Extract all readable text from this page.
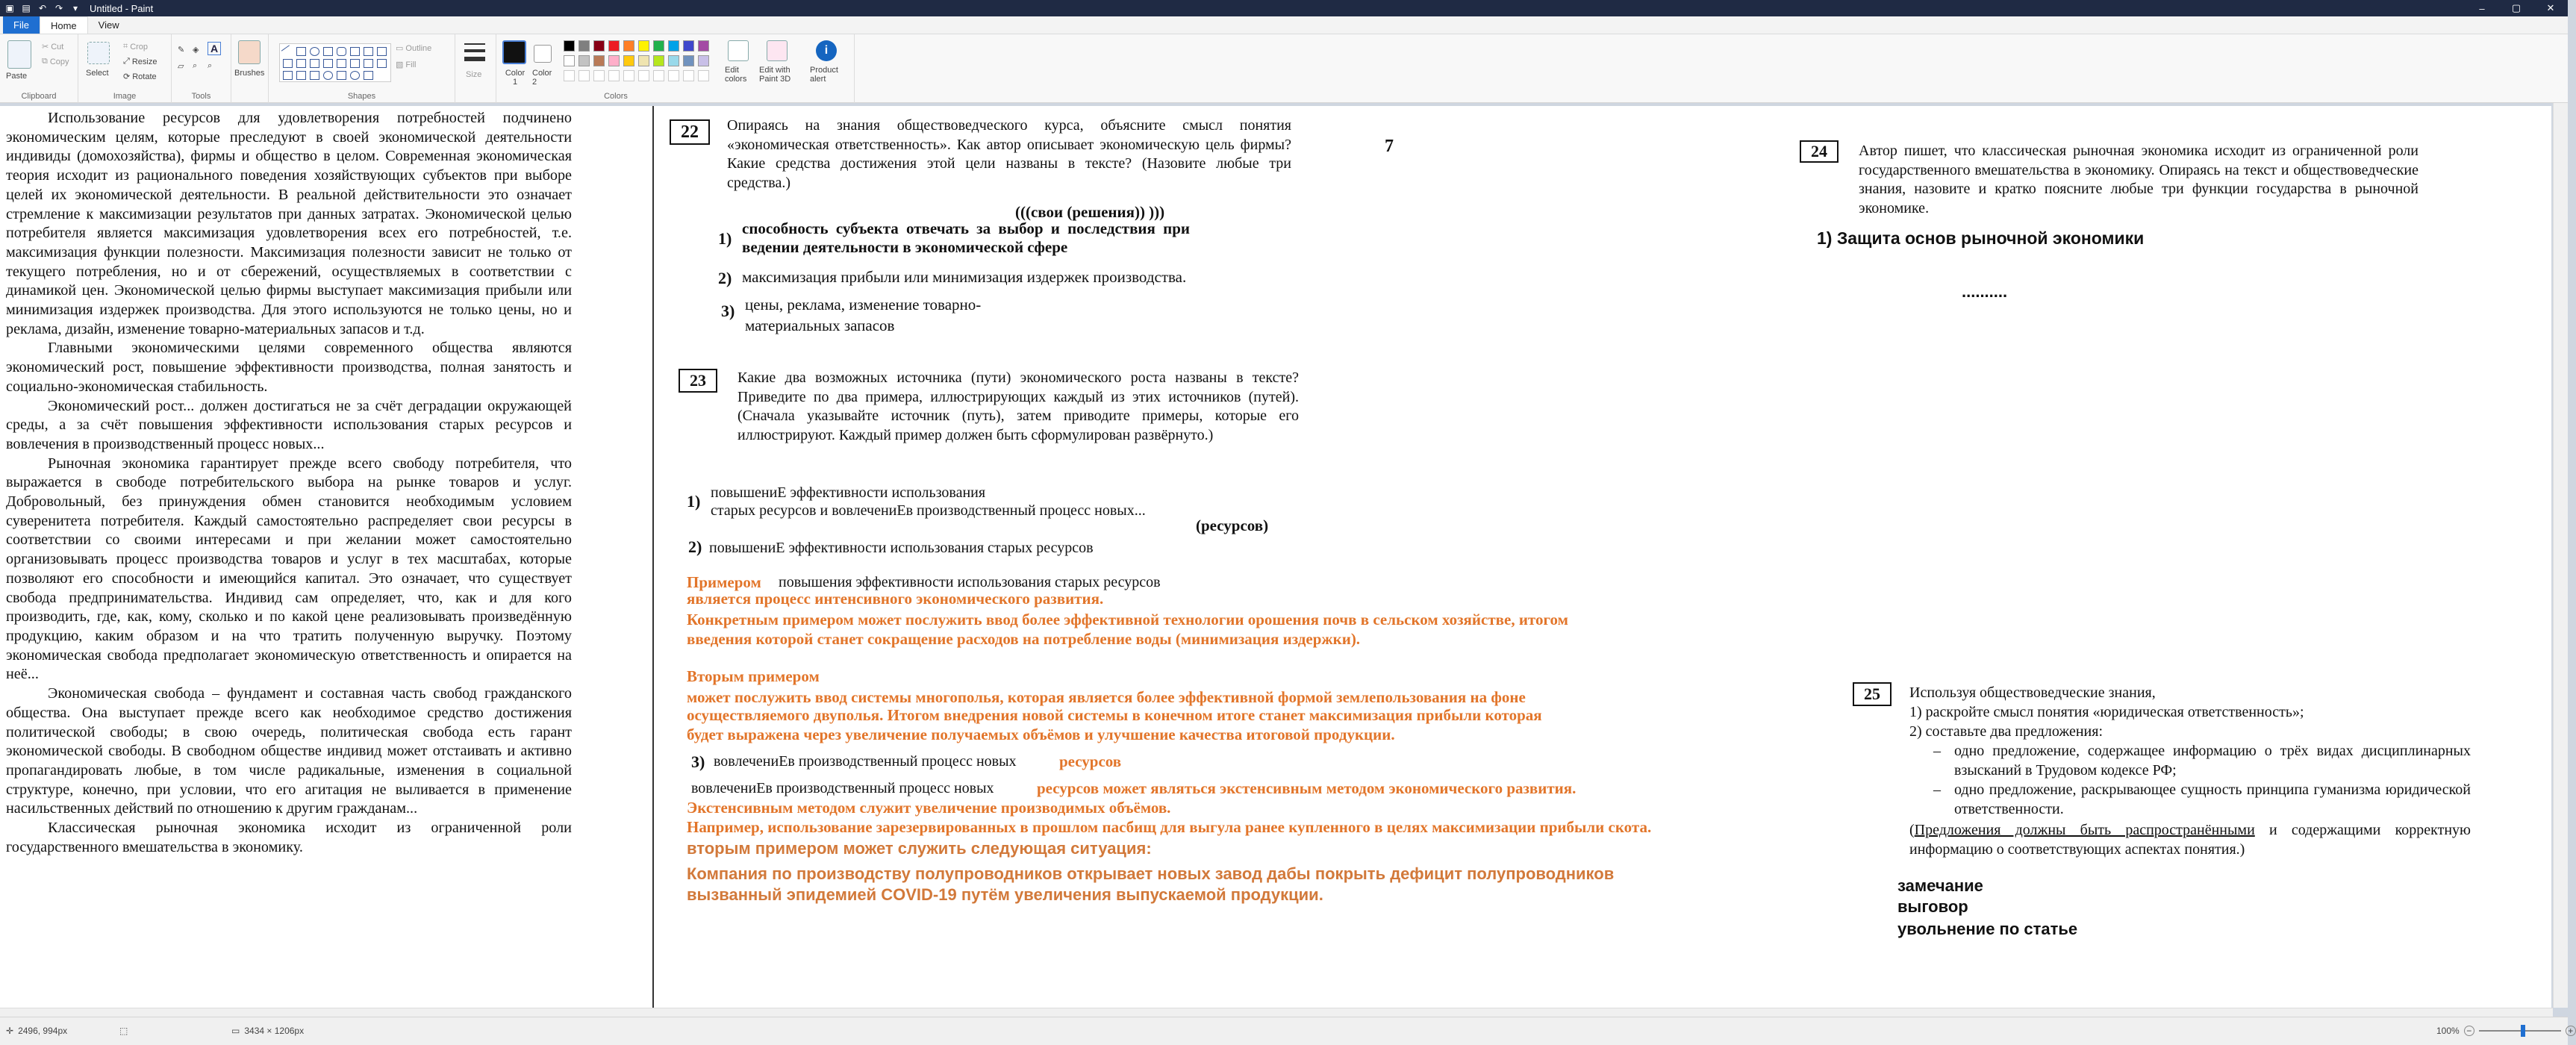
▣ ▤ ↶ ↷	▾	Untitled - Paint	–	▢	✕
File	Home	View
Paste
✂ Cut
⧉ Copy
Clipboard
Select
⌗ Crop
⤢ Resize
⟳ Rotate
Image
✎ ◈ A
▱ ⌕ ⌕
Tools
Brushes
▭ Outline
▧ Fill
Shapes
Size	Color 1
Color 2
Edit colors
Edit with Paint 3D
i
Product alert
Colors

Использование ресурсов для удовлетворения потребностей подчинено экономическим целям, которые преследуют в своей экономической деятельности индивиды (домохозяйства), фирмы и общество в целом. Современная экономическая теория исходит из рационального поведения хозяйствующих субъектов при выборе целей их экономической деятельности. В реальной действительности это означает стремление к максимизации результатов при данных затратах. Экономической целью потребителя является максимизация удовлетворения всех его потребностей, т.е. максимизация функции полезности. Максимизация полезности зависит не только от текущего потребления, но и от сбережений, осуществляемых в соответствии с динамикой цен. Экономической целью фирмы выступает максимизация прибыли или минимизация издержек производства. Для этого используются не только цены, но и реклама, дизайн, изменение товарно-материальных запасов и т.д.

Главными экономическими целями современного общества являются экономический рост, повышение эффективности производства, полная занятость и социально-экономическая стабильность.

Экономический рост... должен достигаться не за счёт деградации окружающей среды, а за счёт повышения эффективности использования старых ресурсов и вовлечения в производственный процесс новых...

Рыночная экономика гарантирует прежде всего свободу потребителя, что выражается в свободе потребительского выбора на рынке товаров и услуг. Добровольный, без принуждения обмен становится необходимым условием суверенитета потребителя. Каждый самостоятельно распределяет свои ресурсы в соответствии со своими интересами и при желании может самостоятельно организовывать процесс производства товаров и услуг в тех масштабах, которые позволяют его способности и имеющийся капитал. Это означает, что существует свобода предпринимательства. Индивид сам определяет, что, как и для кого производить, где, как, кому, сколько и по какой цене реализовывать произведённую продукцию, каким образом и на что тратить полученную выручку. Поэтому экономическая свобода предполагает экономическую ответственность и опирается на неё...

Экономическая свобода – фундамент и составная часть свобод гражданского общества. Она выступает прежде всего как необходимое средство достижения политической свободы; в свою очередь, политическая свобода есть гарант экономической свободы. В свободном обществе индивид может отстаивать и активно пропагандировать любые, в том числе радикальные, изменения в социальной структуре, конечно, при условии, что его агитация не выливается в применение насильственных действий по отношению к другим гражданам...

Классическая рыночная экономика исходит из ограниченной роли государственного вмешательства в экономику.

22	Опираясь на знания обществоведческого курса, объясните смысл понятия «экономическая ответственность». Как автор описывает экономическую цель фирмы? Какие средства достижения этой цели названы в тексте? (Назовите любые три средства.)
7
(((свои (решения)) )))
1)
способность субъекта отвечать за выбор и последствия при ведении деятельности в экономической сфере
2) максимизация прибыли или минимизация издержек производства.
3) цены, реклама, изменение товарно-материальных запасов
23	Какие два возможных источника (пути) экономического роста названы в тексте? Приведите по два примера, иллюстрирующих каждый из этих источников (путей). (Сначала указывайте источник (путь), затем приводите примеры, которые его иллюстрируют. Каждый пример должен быть сформулирован развёрнуто.)
1) повышениЕ эффективности использования
старых ресурсов и вовлечениЕв производственный процесс новых...
(ресурсов)
2) повышениЕ эффективности использования старых ресурсов
Примером повышения эффективности использования старых ресурсов
является процесс интенсивного экономического развития.
Конкретным примером может послужить ввод более эффективной технологии орошения почв в сельском хозяйстве, итогом
введения которой станет сокращение расходов на потребление воды (минимизация издержки).
Вторым примером
может послужить ввод системы многополья, которая является более эффективной формой землепользования на фоне
осуществляемого двуполья. Итогом внедрения новой системы в конечном итоге станет максимизация прибыли которая
будет выражена через увеличение получаемых объёмов и улучшение качества итоговой продукции.
3) вовлечениЕв производственный процесс новых	ресурсов
вовлечениЕв производственный процесс новых	ресурсов может являться экстенсивным методом экономического развития.
Экстенсивным методом служит увеличение производимых объёмов.
Например, использование зарезервированных в прошлом пасбищ для выгула ранее купленного в целях максимизации прибыли скота.
вторым примером может служить следующая ситуация:
Компания по производству полупроводников открывает новых завод дабы покрыть дефицит полупроводников
вызванный эпидемией COVID-19 путём увеличения выпускаемой продукции.
24	Автор пишет, что классическая рыночная экономика исходит из ограниченной роли государственного вмешательства в экономику. Опираясь на текст и обществоведческие знания, назовите и кратко поясните любые три функции государства в рыночной экономике.
1) Защита основ рыночной экономики
..........
25	Используя обществоведческие знания,
1) раскройте смысл понятия «юридическая ответственность»;
2) составьте два предложения:
– одно предложение, содержащее информацию о трёх видах дисциплинарных взысканий в Трудовом кодексе РФ;
– одно предложение, раскрывающее сущность принципа гуманизма юридической ответственности.
(Предложения должны быть распространёнными и содержащими корректную информацию о соответствующих аспектах понятия.)
замечание
выговор
увольнение по статье
✛ 2496, 994px	⬚	▭ 3434 × 1206px	100% −	+
